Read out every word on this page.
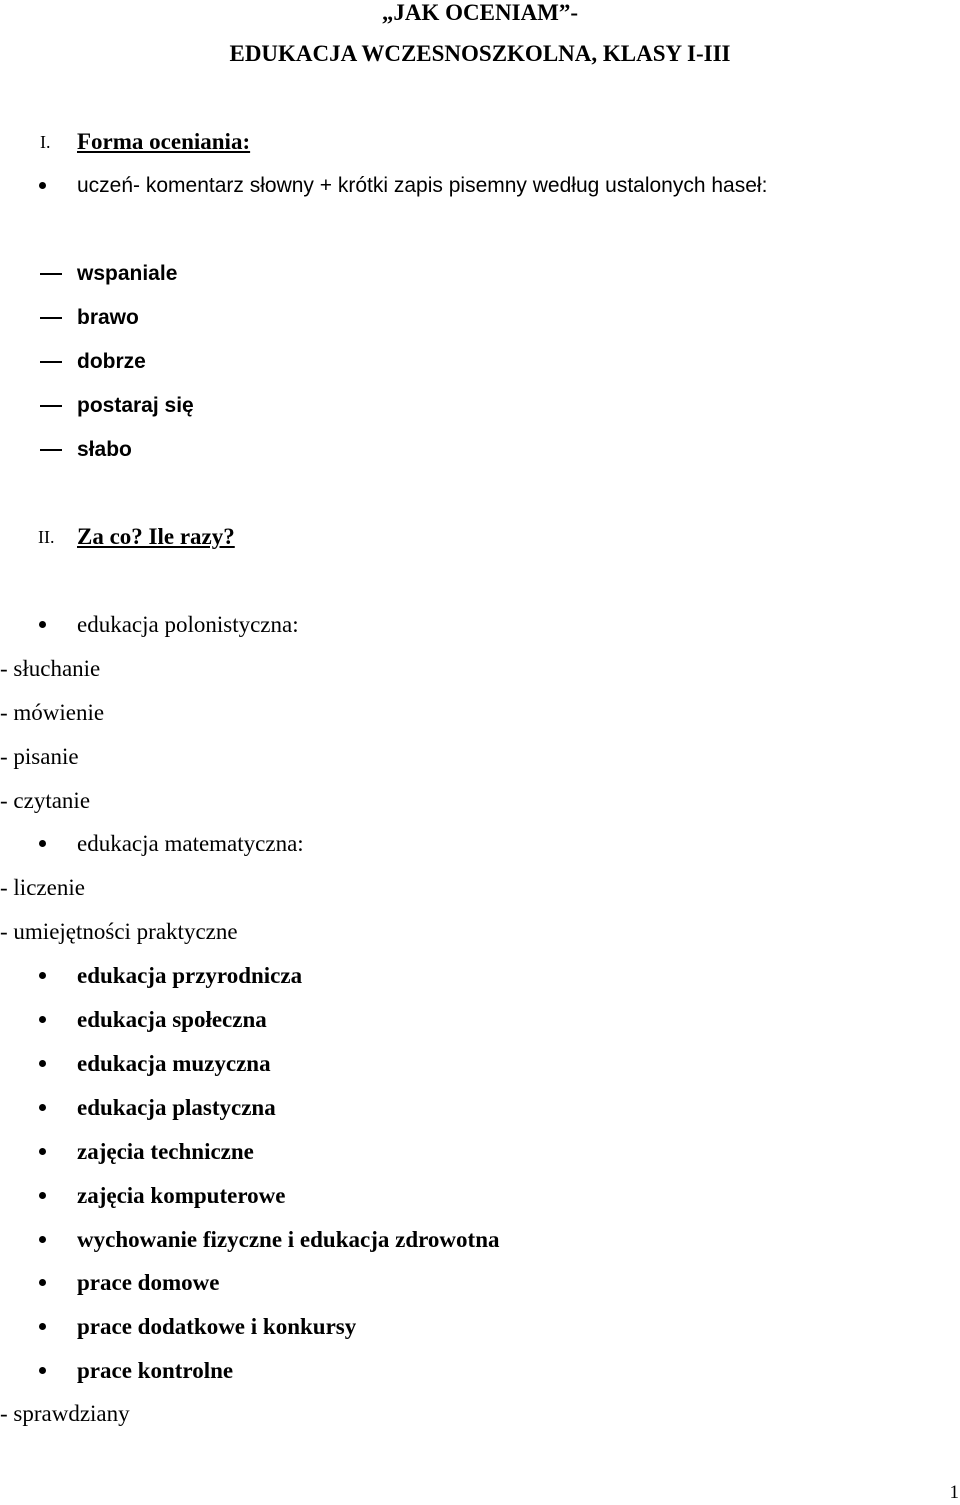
„JAK OCENIAM”-
EDUKACJA WCZESNOSZKOLNA, KLASY I-III
I. Forma oceniania:
uczeń- komentarz słowny + krótki zapis pisemny według ustalonych haseł:
wspaniale
brawo
dobrze
postaraj się
słabo
II. Za co? Ile razy?
edukacja polonistyczna:
- słuchanie
- mówienie
- pisanie
- czytanie
edukacja matematyczna:
- liczenie
- umiejętności praktyczne
edukacja przyrodnicza
edukacja społeczna
edukacja muzyczna
edukacja plastyczna
zajęcia techniczne
zajęcia komputerowe
wychowanie fizyczne i edukacja zdrowotna
prace domowe
prace dodatkowe i konkursy
prace kontrolne
- sprawdziany
1
